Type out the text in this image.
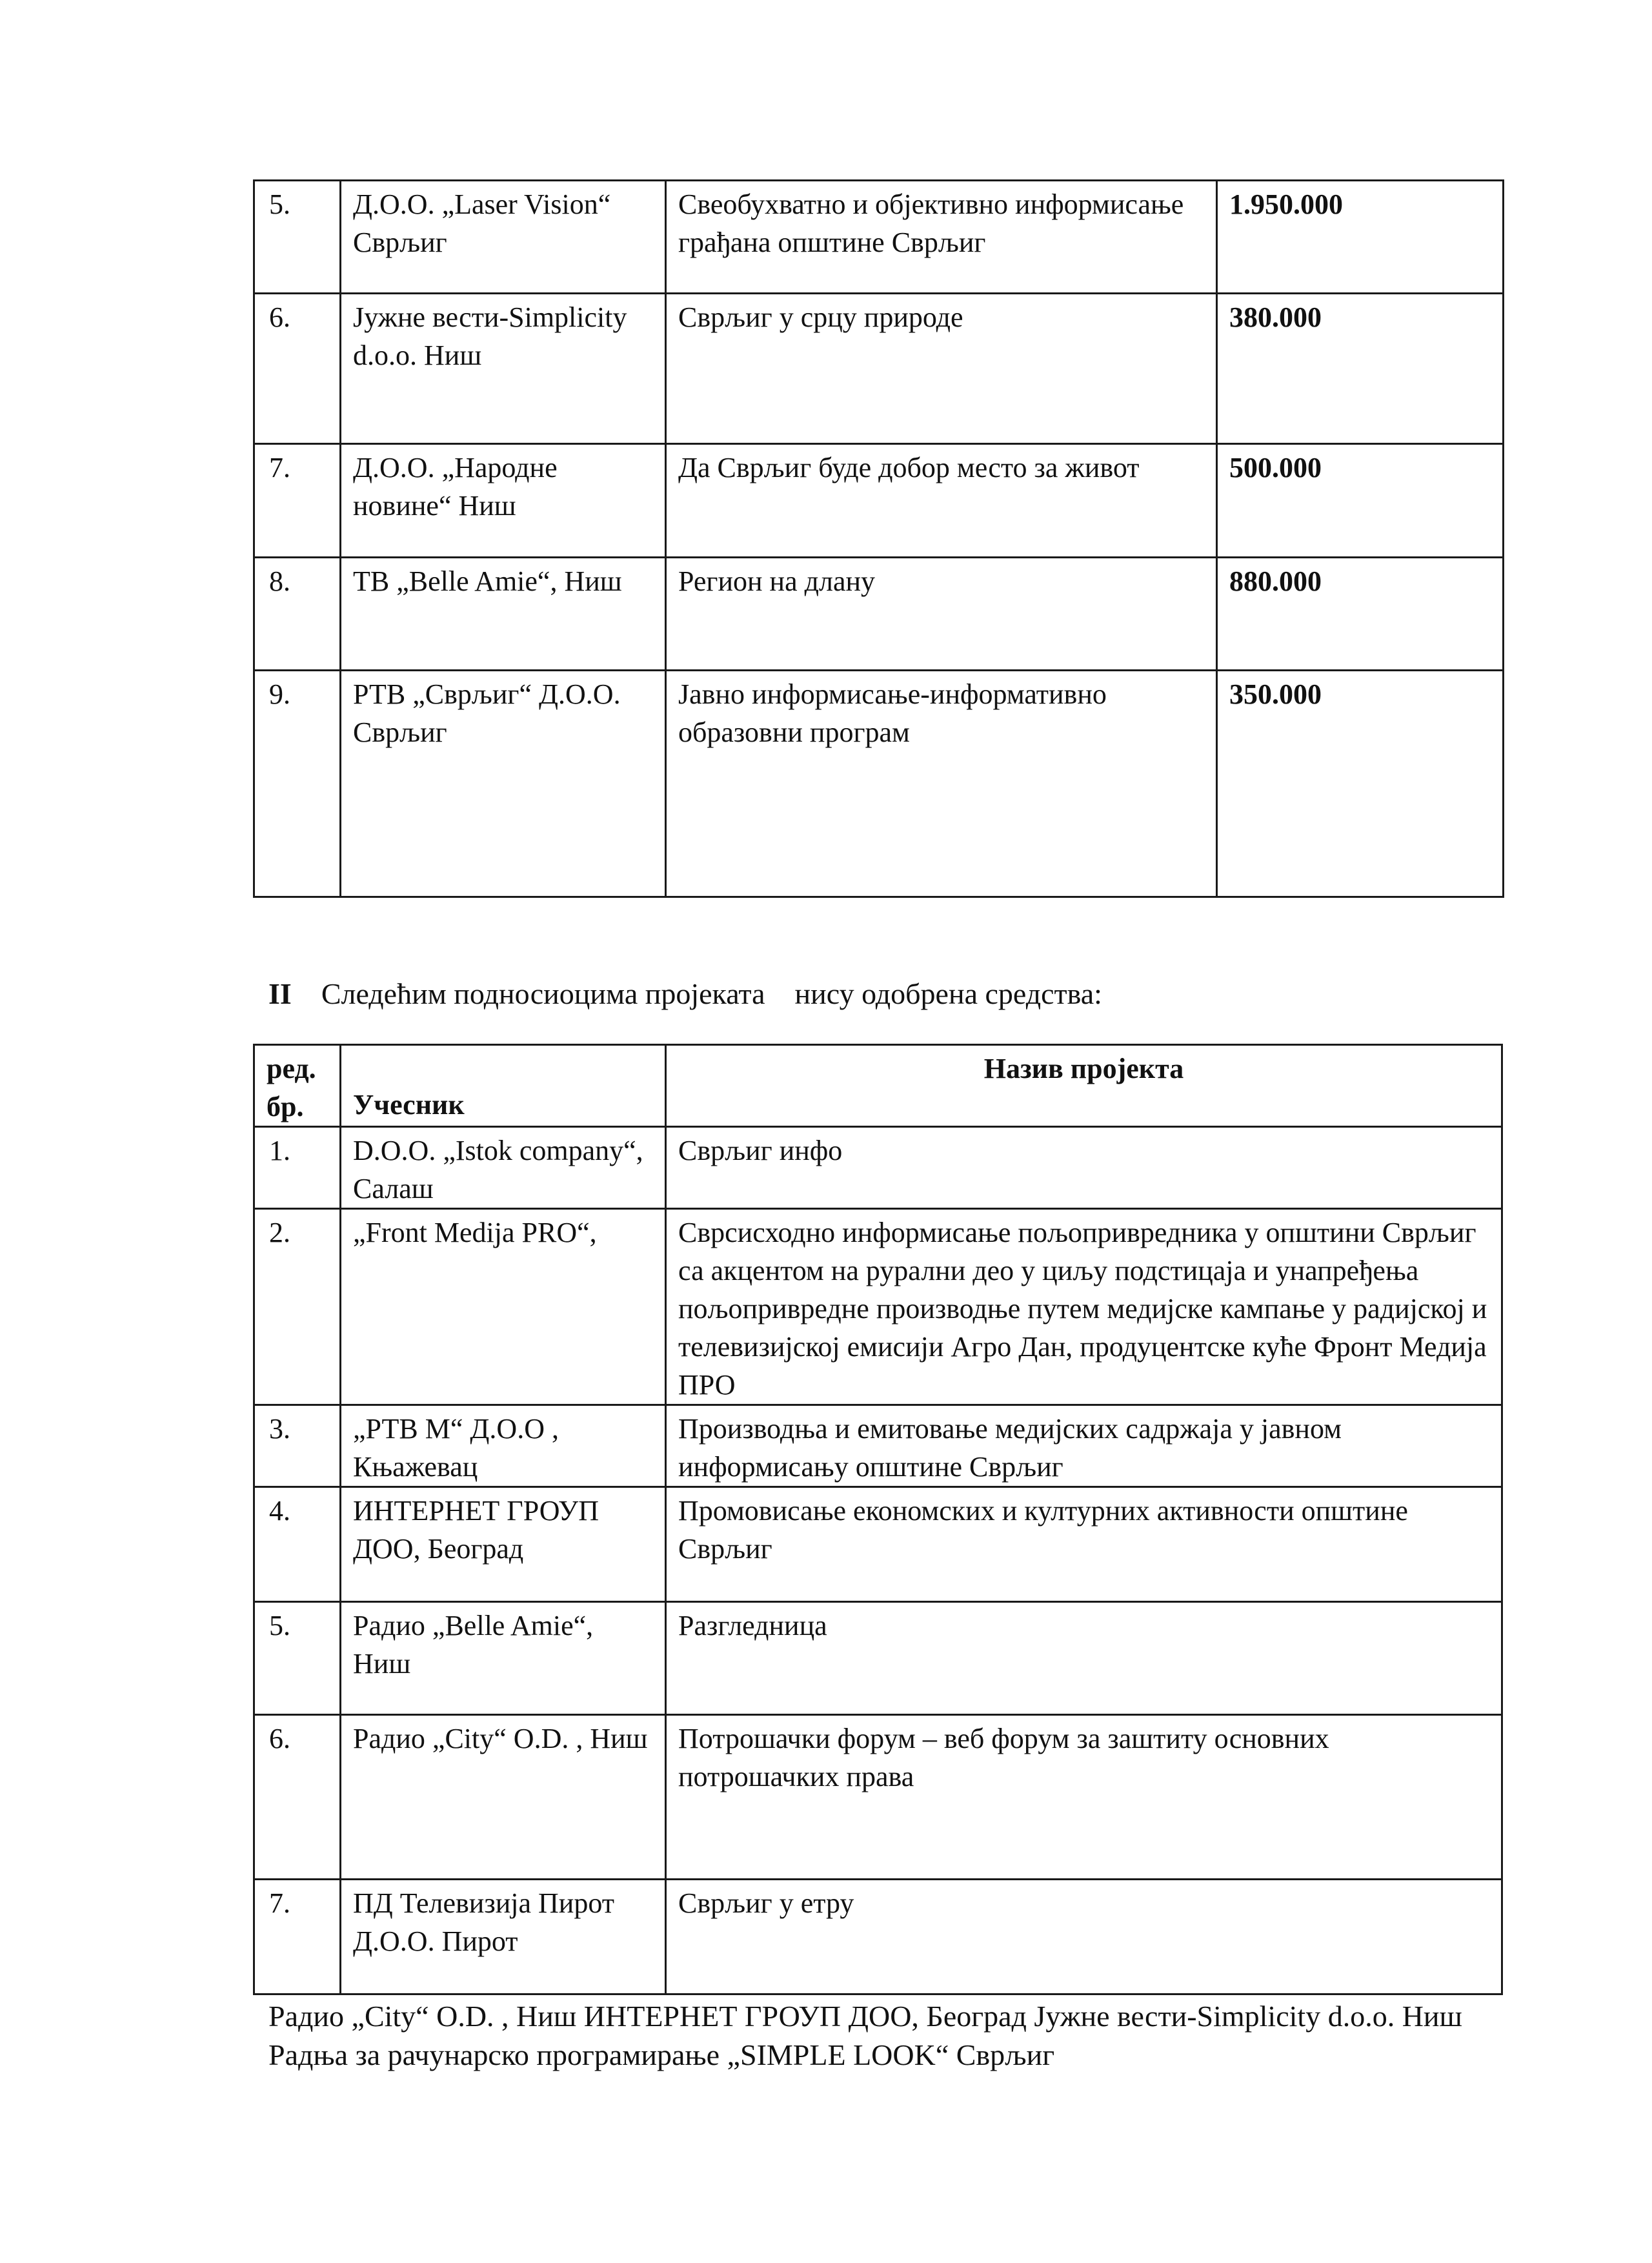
5.	Д.О.О. „Laser Vision“ Сврљиг	Свеобухватно и објективно информисање грађана општине Сврљиг	1.950.000
6.	Јужне вести-Simplicity d.o.o. Ниш	Сврљиг у срцу природе	380.000
7.	Д.О.О. „Народне новине“ Ниш	Да Сврљиг буде добор место за живот	500.000
8.	ТВ „Belle Amie“, Ниш	Регион на длану	880.000
9.	РТВ „Сврљиг“ Д.О.О. Сврљиг	Јавно информисање-информативно образовни програм	350.000
II Следећим подносиоцима пројеката    нису одобрена средства:
ред.
бр.	Учесник	Назив пројекта
1.	D.O.O. „Istok company“, Салаш	Сврљиг инфо
2.	„Front Medija PRO“,	Сврсисходно информисање пољопривредника у општини Сврљиг са акцентом на рурални део у циљу подстицаја и унапређења пољопривредне производње путем медијске кампање у радијској и телевизијској емисији Агро Дан, продуцентске куће Фронт Медија ПРО
3.	„РТВ М“ Д.О.О , Књажевац	Производња и емитовање медијских садржаја у јавном информисању општине Сврљиг
4.	ИНТЕРНЕТ ГРОУП ДОО, Београд	Промовисање економских и културних активности општине Сврљиг
5.	Радио „Belle Amie“, Ниш	Разгледница
6.	Радио „City“ O.D. , Ниш	Потрошачки форум – веб форум за заштиту основних потрошачких права
7.	ПД Телевизија Пирот Д.О.О. Пирот	Сврљиг у етру
Радио „City“ O.D. , Ниш ИНТЕРНЕТ ГРОУП ДОО, Београд Јужне вести-Simplicity d.o.o. Ниш Радња за рачунарско програмирање „SIMPLE LOOK“ Сврљиг
